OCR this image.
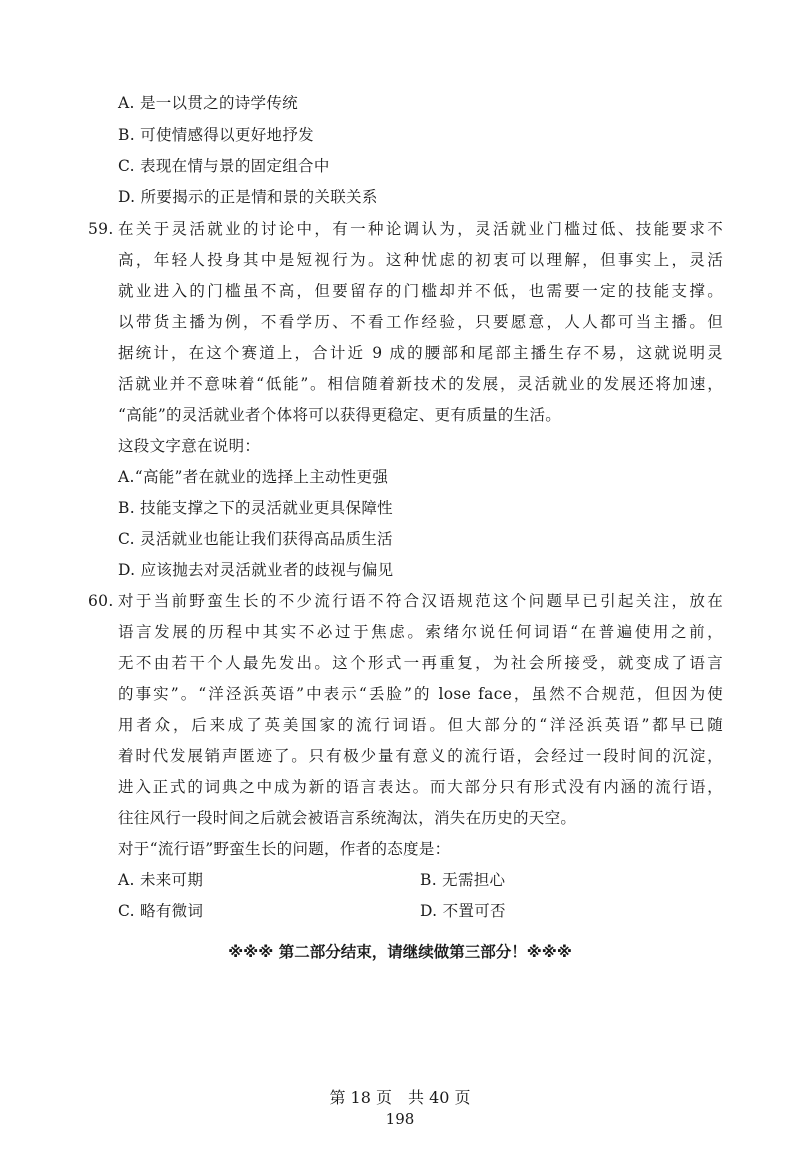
A. 是一以贯之的诗学传统
B. 可使情感得以更好地抒发
C. 表现在情与景的固定组合中
D. 所要揭示的正是情和景的关联关系
59. 在关于灵活就业的讨论中，有一种论调认为，灵活就业门槛过低、技能要求不
高，年轻人投身其中是短视行为。这种忧虑的初衷可以理解，但事实上，灵活
就业进入的门槛虽不高，但要留存的门槛却并不低，也需要一定的技能支撑。
以带货主播为例，不看学历、不看工作经验，只要愿意，人人都可当主播。但
据统计，在这个赛道上，合计近 9 成的腰部和尾部主播生存不易，这就说明灵
活就业并不意味着“低能”。相信随着新技术的发展，灵活就业的发展还将加速，
“高能”的灵活就业者个体将可以获得更稳定、更有质量的生活。
这段文字意在说明：
A.“高能”者在就业的选择上主动性更强
B. 技能支撑之下的灵活就业更具保障性
C. 灵活就业也能让我们获得高品质生活
D. 应该抛去对灵活就业者的歧视与偏见
60. 对于当前野蛮生长的不少流行语不符合汉语规范这个问题早已引起关注，放在
语言发展的历程中其实不必过于焦虑。索绪尔说任何词语“在普遍使用之前，
无不由若干个人最先发出。这个形式一再重复，为社会所接受，就变成了语言
的事实”。“洋泾浜英语”中表示“丢脸”的 lose face，虽然不合规范，但因为使
用者众，后来成了英美国家的流行词语。但大部分的“洋泾浜英语”都早已随
着时代发展销声匿迹了。只有极少量有意义的流行语，会经过一段时间的沉淀，
进入正式的词典之中成为新的语言表达。而大部分只有形式没有内涵的流行语，
往往风行一段时间之后就会被语言系统淘汰，消失在历史的天空。
对于“流行语”野蛮生长的问题，作者的态度是：
A. 未来可期	B. 无需担心
C. 略有微词	D. 不置可否
※※※ 第二部分结束，请继续做第三部分！※※※
第 18 页　共 40 页
198
